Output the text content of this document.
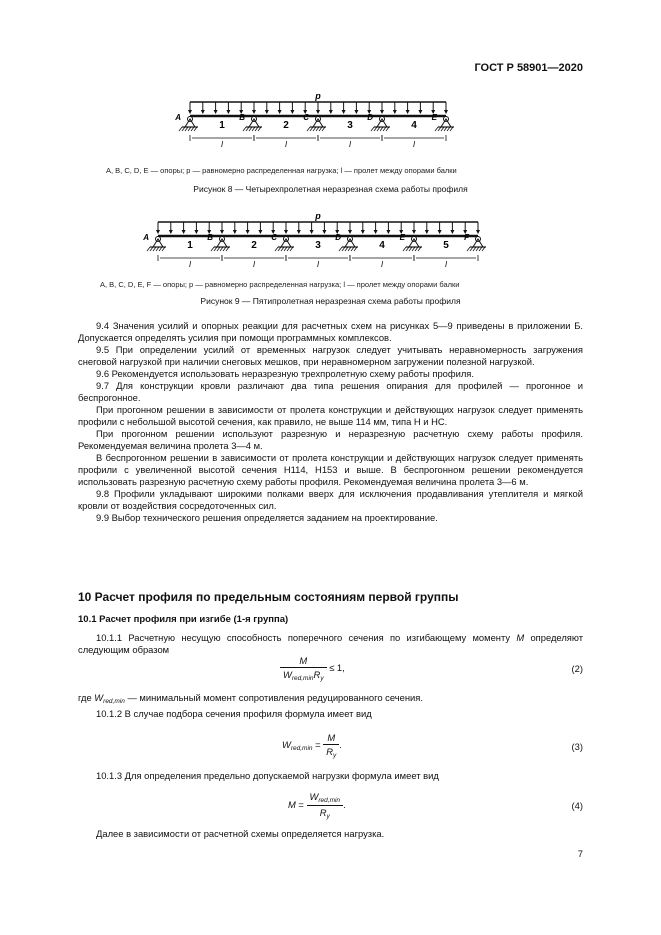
ГОСТ Р 58901—2020
p
A	B	C	D	E
1
l
2
l
3
l
4
l
A, B, C, D, E — опоры; p — равномерно распределенная нагрузка; l — пролет между опорами балки
Рисунок 8 — Четырехпролетная неразрезная схема работы профиля
p
A	B	C	D	E	F
1
l
2
l
3
l
4
l
5
l
A, B, C, D, E, F — опоры; p — равномерно распределенная нагрузка; l — пролет между опорами балки
Рисунок 9 — Пятипролетная неразрезная схема работы профиля

9.4 Значения усилий и опорных реакции для расчетных схем на рисунках 5—9 приведены в приложении Б. Допускается определять усилия при помощи программных комплексов.

9.5 При определении усилий от временных нагрузок следует учитывать неравномерность загружения снеговой нагрузкой при наличии снеговых мешков, при неравномерном загружении полезной нагрузкой.

9.6 Рекомендуется использовать неразрезную трехпролетную схему работы профиля.

9.7 Для конструкции кровли различают два типа решения опирания для профилей — прогонное и беспрогонное.

При прогонном решении в зависимости от пролета конструкции и действующих нагрузок следует применять профили с небольшой высотой сечения, как правило, не выше 114 мм, типа Н и НС.

При прогонном решении используют разрезную и неразрезную расчетную схему работы профиля. Рекомендуемая величина пролета 3—4 м.

В беспрогонном решении в зависимости от пролета конструкции и действующих нагрузок следует применять профили с увеличенной высотой сечения Н114, Н153 и выше. В беспрогонном решении рекомендуется использовать разрезную расчетную схему работы профиля. Рекомендуемая величина пролета 3—6 м.

9.8 Профили укладывают широкими полками вверх для исключения продавливания утеплителя и мягкой кровли от воздействия сосредоточенных сил.

9.9 Выбор технического решения определяется заданием на проектирование.

10 Расчет профиля по предельным состояниям первой группы
10.1 Расчет профиля при изгибе (1-я группа)

10.1.1 Расчетную несущую способность поперечного сечения по изгибающему моменту M определяют следующим образом

$\frac{M}{W_{red,min}R_y} \le 1$,	(2)

где $W_{red,min}$ — минимальный момент сопротивления редуцированного сечения.

10.1.2 В случае подбора сечения профиля формула имеет вид

$W_{red,min} = \frac{M}{R_y}$ .	(3)

10.1.3 Для определения предельно допускаемой нагрузки формула имеет вид

$M = \frac{W_{red,min}}{R_y}$ .	(4)

Далее в зависимости от расчетной схемы определяется нагрузка.

7
